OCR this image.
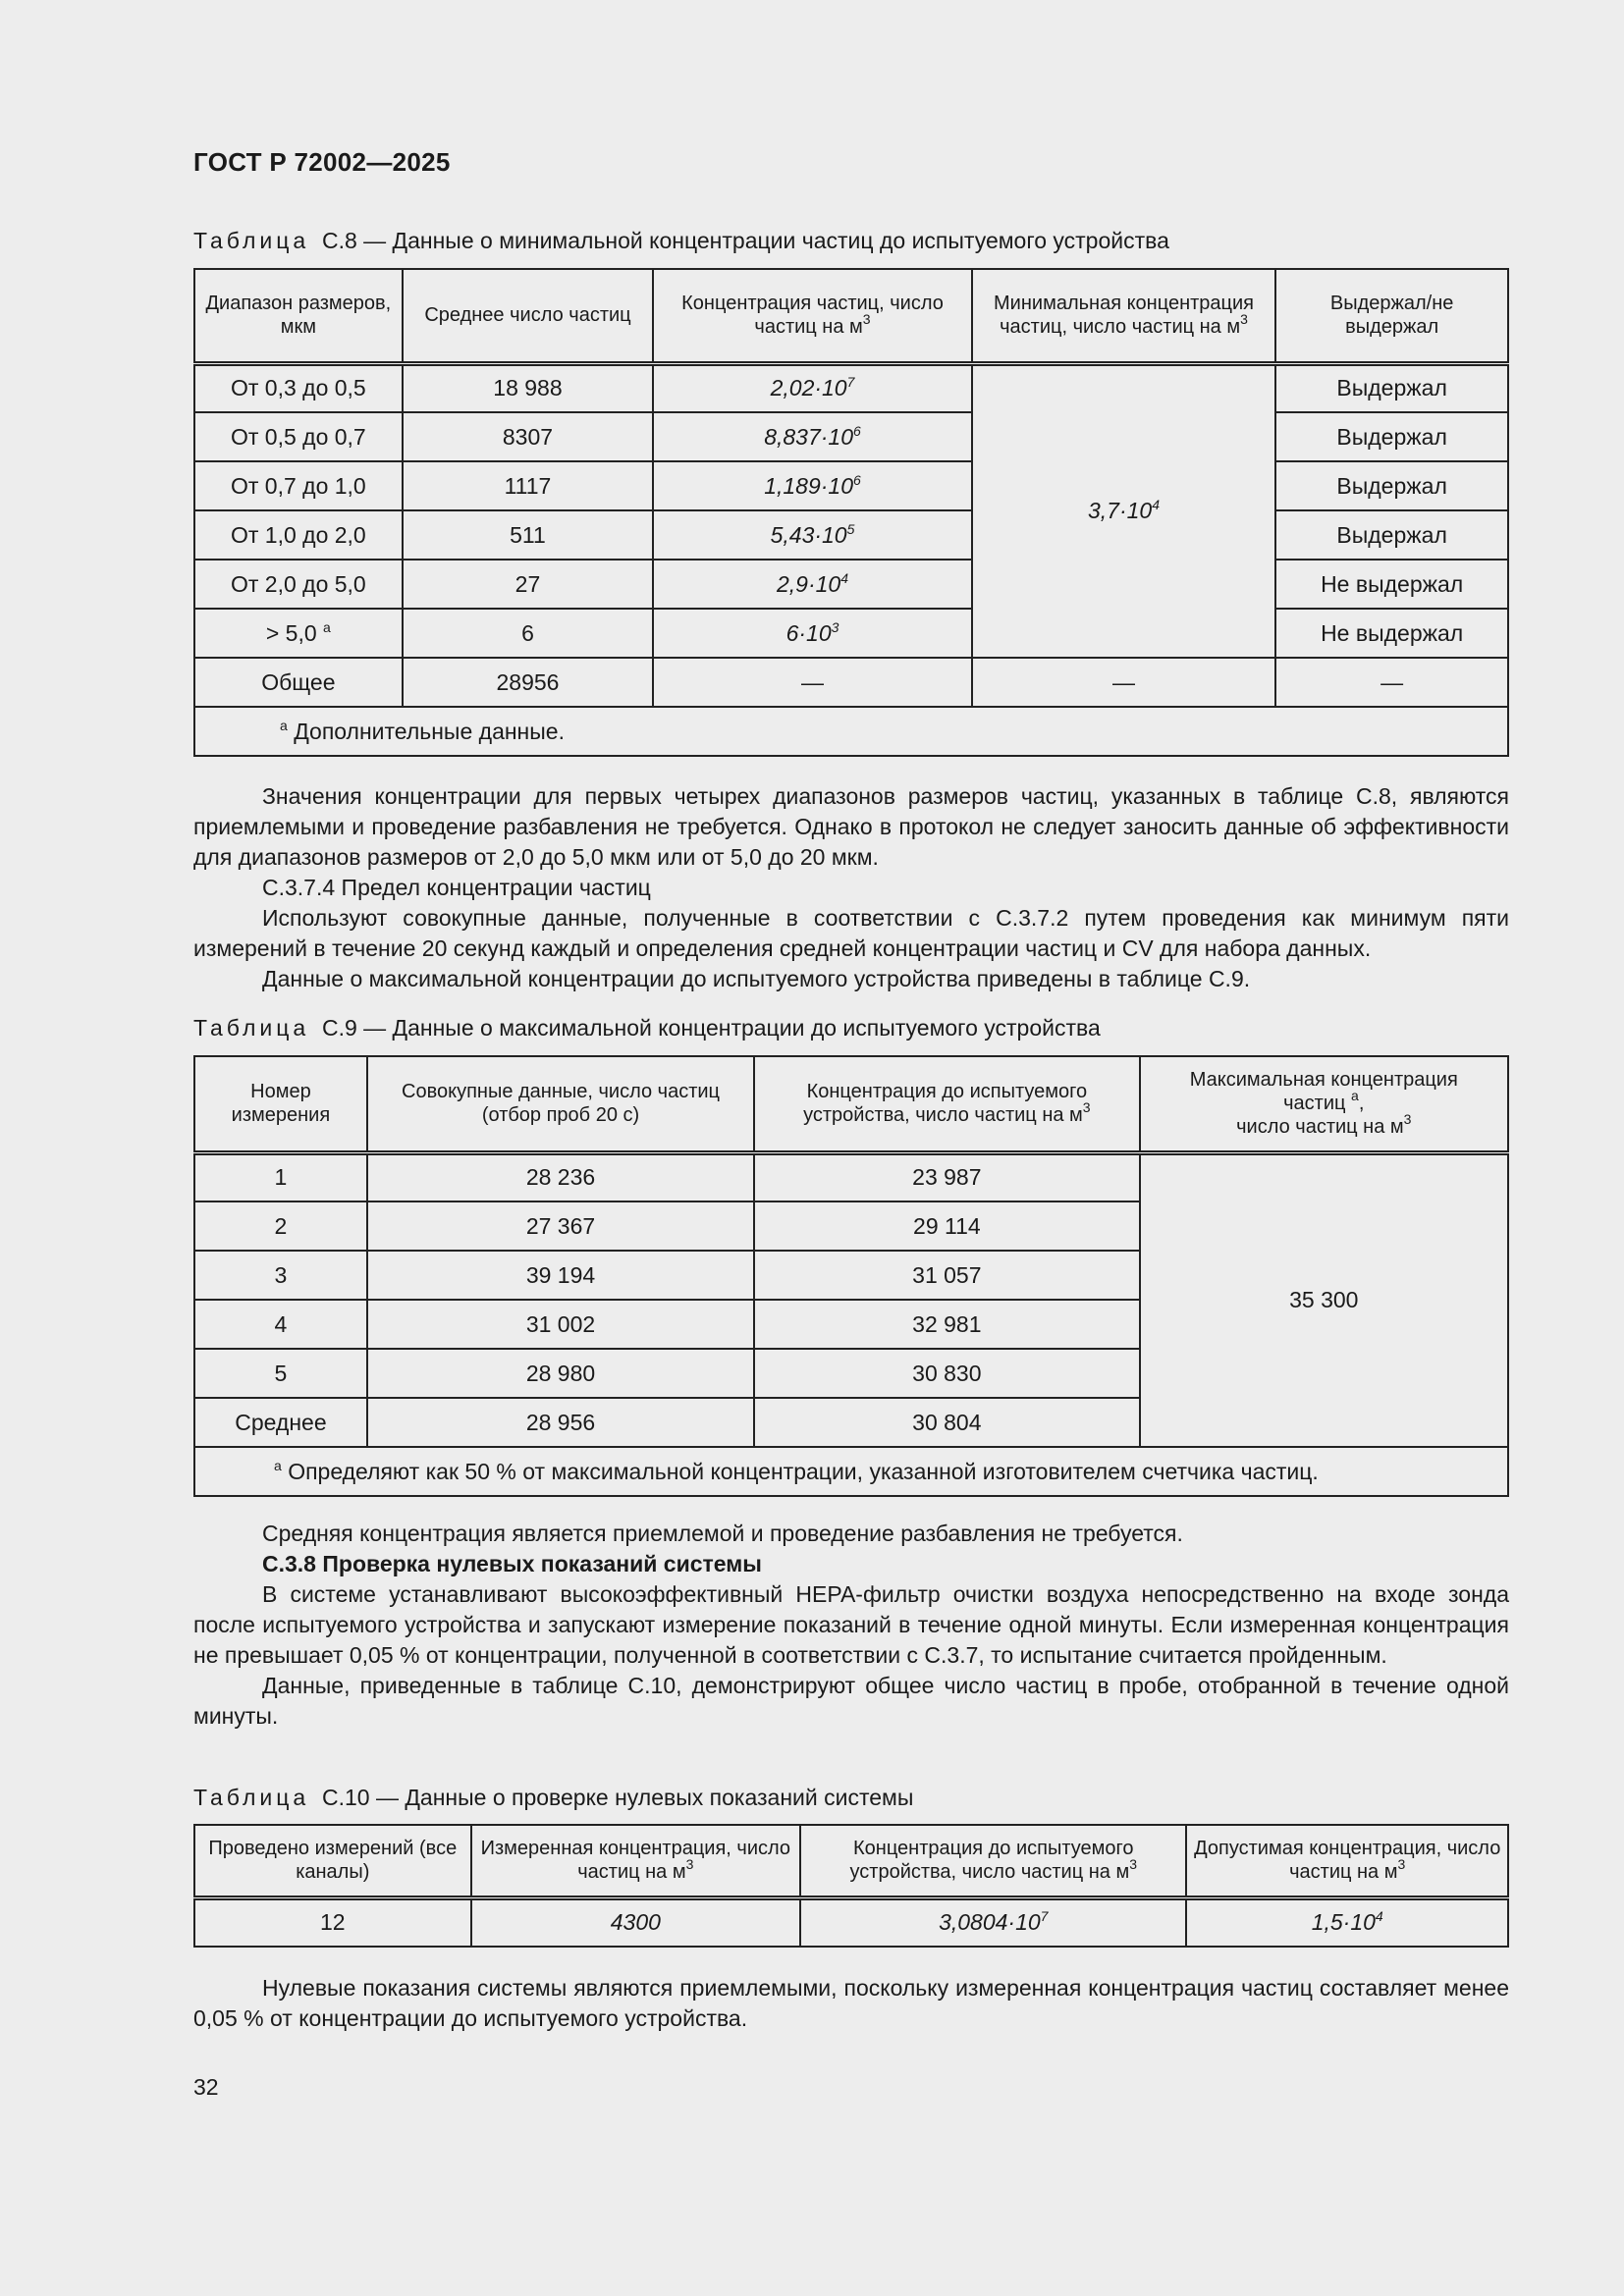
ГОСТ Р 72002—2025
Таблица С.8 — Данные о минимальной концентрации частиц до испытуемого устройства
Диапазон размеров, мкм	Среднее число частиц	Концентрация частиц, число частиц на $м^3$	Минимальная концентрация частиц, число частиц на $м^3$	Выдержал/не выдержал
От 0,3 до 0,5	18 988	$2,02\cdot 10^7$	$3,7\cdot 10^4$	Выдержал
От 0,5 до 0,7	8307	$8,837\cdot 10^6$		Выдержал
От 0,7 до 1,0	1117	$1,189\cdot 10^6$		Выдержал
От 1,0 до 2,0	511	$5,43\cdot 10^5$		Выдержал
От 2,0 до 5,0	27	$2,9\cdot 10^4$		Не выдержал
> 5,0 $^а$	6	$6\cdot 10^3$		Не выдержал
Общее	28956	—	—	—
$^а$ Дополнительные данные.				

Значения концентрации для первых четырех диапазонов размеров частиц, указанных в таблице С.8, являются приемлемыми и проведение разбавления не требуется. Однако в протокол не следует заносить данные об эффективности для диапазонов размеров от 2,0 до 5,0 мкм или от 5,0 до 20 мкм.

С.3.7.4 Предел концентрации частиц

Используют совокупные данные, полученные в соответствии с С.3.7.2 путем проведения как минимум пяти измерений в течение 20 секунд каждый и определения средней концентрации частиц и CV для набора данных.

Данные о максимальной концентрации до испытуемого устройства приведены в таблице С.9.

Таблица С.9 — Данные о максимальной концентрации до испытуемого устройства
Номер измерения	Совокупные данные, число частиц (отбор проб 20 с)	Концентрация до испытуемого устройства, число частиц на $м^3$	Максимальная концентрация
частиц $^а$,
число частиц на $м^3$
1	28 236	23 987	35 300
2	27 367	29 114	
3	39 194	31 057	
4	31 002	32 981	
5	28 980	30 830	
Среднее	28 956	30 804	
$^а$ Определяют как 50 % от максимальной концентрации, указанной изготовителем счетчика частиц.			

Средняя концентрация является приемлемой и проведение разбавления не требуется.

С.3.8 Проверка нулевых показаний системы

В системе устанавливают высокоэффективный HEPA-фильтр очистки воздуха непосредственно на входе зонда после испытуемого устройства и запускают измерение показаний в течение одной минуты. Если измеренная концентрация не превышает 0,05 % от концентрации, полученной в соответствии с С.3.7, то испытание считается пройденным.

Данные, приведенные в таблице С.10, демонстрируют общее число частиц в пробе, отобранной в течение одной минуты.

Таблица С.10 — Данные о проверке нулевых показаний системы
Проведено измерений (все каналы)	Измеренная концентрация, число частиц на $м^3$	Концентрация до испытуемого устройства, число частиц на $м^3$	Допустимая концентрация, число частиц на $м^3$
12	4300	$3,0804\cdot 10^7$	$1,5\cdot 10^4$

Нулевые показания системы являются приемлемыми, поскольку измеренная концентрация частиц составляет менее 0,05 % от концентрации до испытуемого устройства.

32
